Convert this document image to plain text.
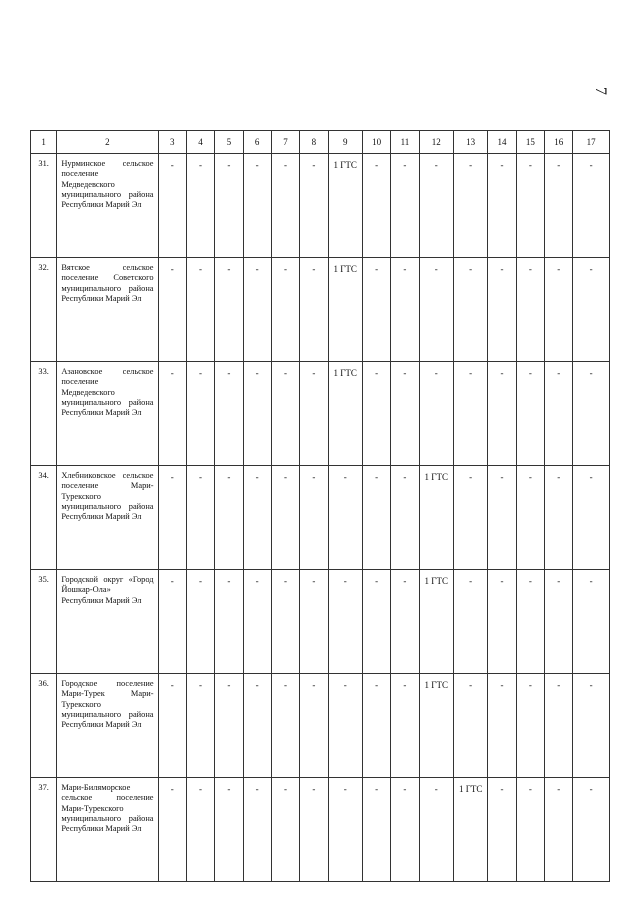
7
1	2	3	4	5	6	7	8	9	10	11	12	13	14	15	16	17
31.	Нурминское сельское поселение Медведевского муниципального района Республики Марий Эл	-	-	-	-	-	-	1 ГТС	-	-	-	-	-	-	-	-
32.	Вятское сельское поселение Советского муниципального района Республики Марий Эл	-	-	-	-	-	-	1 ГТС	-	-	-	-	-	-	-	-
33.	Азановское сельское поселение Медведевского муниципального района Республики Марий Эл	-	-	-	-	-	-	1 ГТС	-	-	-	-	-	-	-	-
34.	Хлебниковское сельское поселение Мари-Турекского муниципального района Республики Марий Эл	-	-	-	-	-	-	-	-	-	1 ГТС	-	-	-	-	-
35.	Городской округ «Город Йошкар-Ола» Республики Марий Эл	-	-	-	-	-	-	-	-	-	1 ГТС	-	-	-	-	-
36.	Городское поселение Мари-Турек Мари-Турекского муниципального района Республики Марий Эл	-	-	-	-	-	-	-	-	-	1 ГТС	-	-	-	-	-
37.	Мари-Биляморское сельское поселение Мари-Турекского муниципального района Республики Марий Эл	-	-	-	-	-	-	-	-	-	-	1 ГТС	-	-	-	-
